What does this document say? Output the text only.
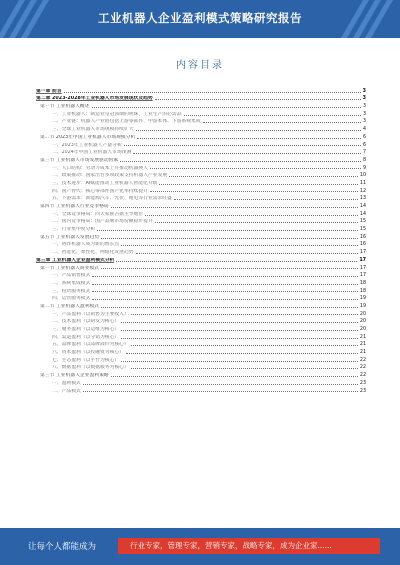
工业机器人企业盈利模式策略研究报告
内容目录
第一章 前言	3
第二章 2023-2028年工业机器人市场发展现状及趋势	3
第一节 工业机器人概述	3
一、工业机器人：制造业皇冠顶端的明珠，工业生产的必需品	3
二、产业链：机器人产业链包括上游零部件、中游本体、下游系统集成	3
三、全球工业机器人市场规模持续扩大	4
第二节 2023年中国工业机器人市场规模分析	6
一、2023年工业机器人产量分析	6
二、2024年中国工业机器人市场预测	7
第三节 工业机器人市场发展驱动因素	8
一、人口结构：劳动力成本上升推动机器换人	9
二、政策推动：国家出台多项政策支持机器人产业发展	10
三、技术进步：AI赋能推动工业机器人智能化升级	11
四、国产替代：核心零部件国产化率持续提升	12
五、下游需求：新能源汽车、光伏、锂电等行业需求旺盛	13
第四节 工业机器人行业竞争格局	14
一、全球竞争格局：四大家族占据主导地位	14
二、国内竞争格局：国产品牌市场份额稳步提升	15
三、行业集中度分析	15
第五节 工业机器人发展趋势	16
一、协作机器人成为新的增长点	16
二、智能化、柔性化、网络化发展趋势	17
第三章 工业机器人企业盈利模式分析	17
第一节 工业机器人商业模式	17
一、产品销售模式	17
二、系统集成模式	18
三、租赁服务模式	18
四、运营服务模式	19
第二节 工业机器人盈利模式	19
一、产品盈利（以销售为主要收入）	20
二、技术盈利（以研发为核心）	20
三、服务盈利（以运维为核心）	20
四、渠道盈利（以分销为核心）	21
五、品牌盈利（以品牌溢价为核心）	21
六、资本盈利（以投融资为核心）	21
七、生态盈利（以平台为核心）	22
八、数据盈利（以数据服务为核心）	22
第三节 工业机器人企业盈利策略	22
一、盈利模式	23
二、产品模式	23
让每个人都能成为	行业专家，管理专家，营销专家，战略专家，成为企业家......
